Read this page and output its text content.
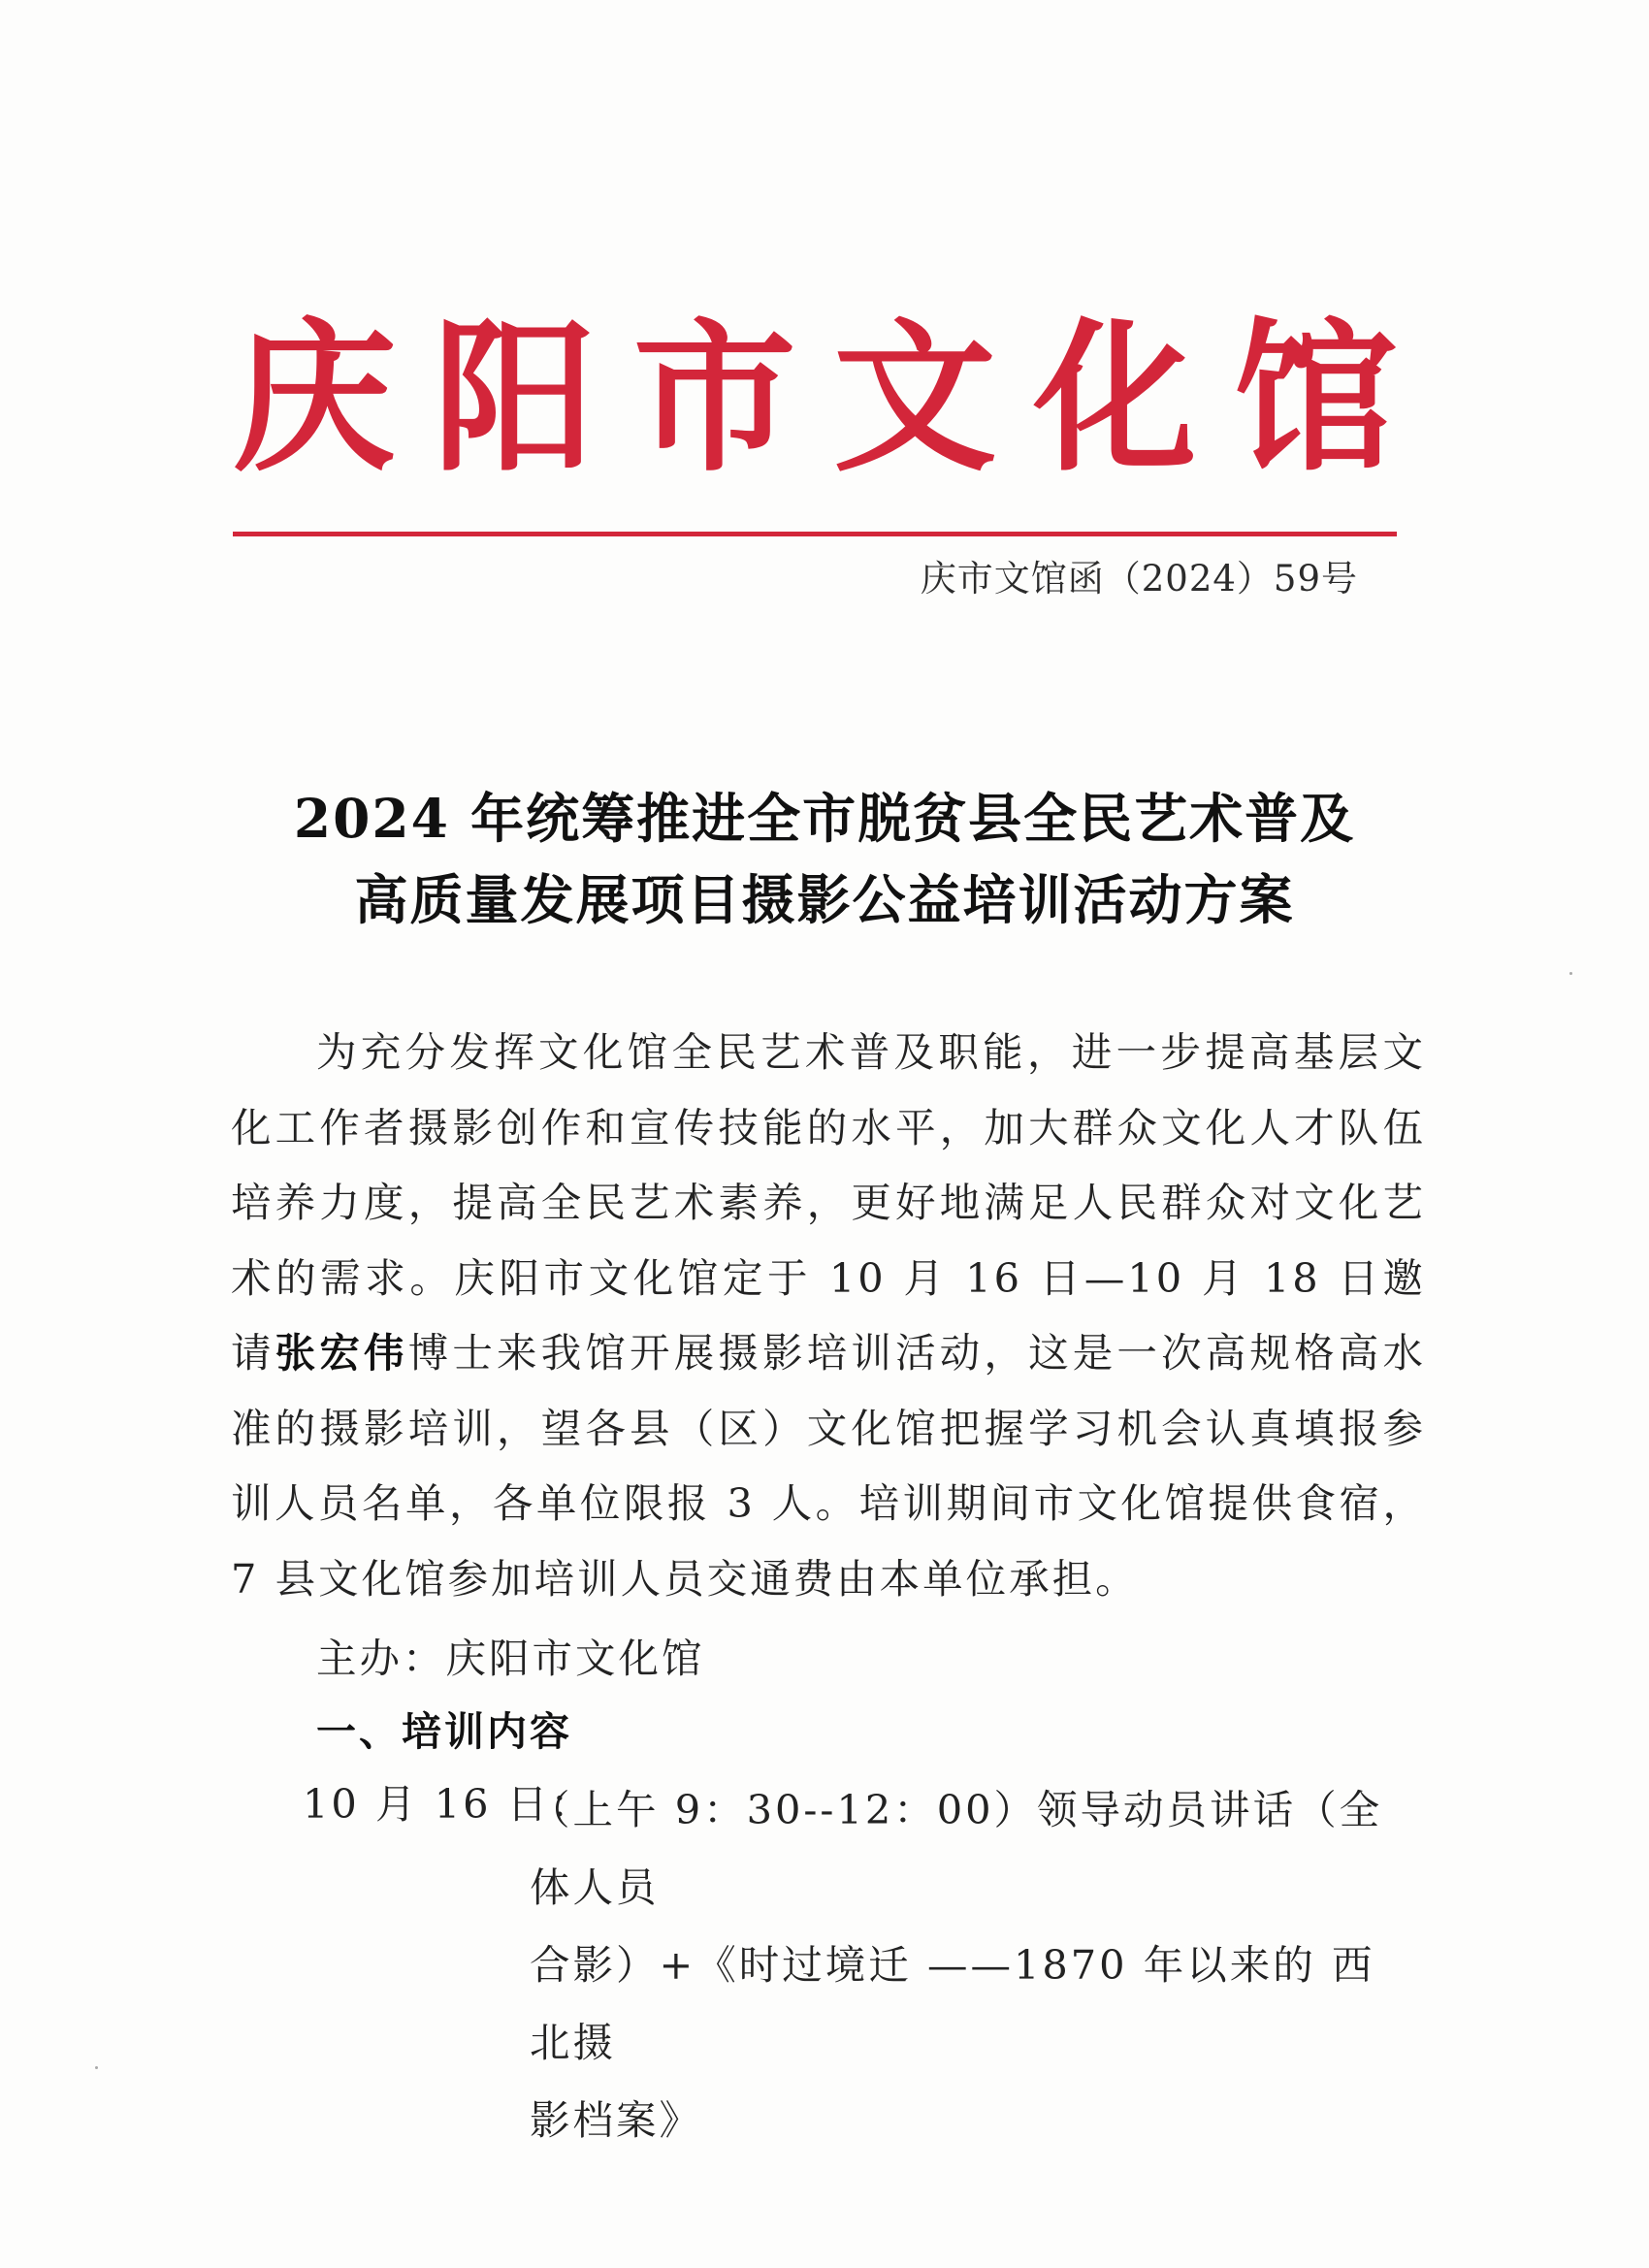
庆 阳 市 文 化 馆
庆市文馆函（2024）59号
2024 年统筹推进全市脱贫县全民艺术普及
高质量发展项目摄影公益培训活动方案
为充分发挥文化馆全民艺术普及职能，进一步提高基层文化工作者摄影创作和宣传技能的水平，加大群众文化人才队伍培养力度，提高全民艺术素养，更好地满足人民群众对文化艺术的需求。庆阳市文化馆定于 10 月 16 日—10 月 18 日邀请张宏伟博士来我馆开展摄影培训活动，这是一次高规格高水准的摄影培训，望各县（区）文化馆把握学习机会认真填报参训人员名单，各单位限报 3 人。培训期间市文化馆提供食宿，7 县文化馆参加培训人员交通费由本单位承担。
主办：庆阳市文化馆
一、培训内容
10 月 16 日：
（上午 9：30--12：00）领导动员讲话（全体人员
合影）+《时过境迁 ——1870 年以来的 西 北摄
影档案》
